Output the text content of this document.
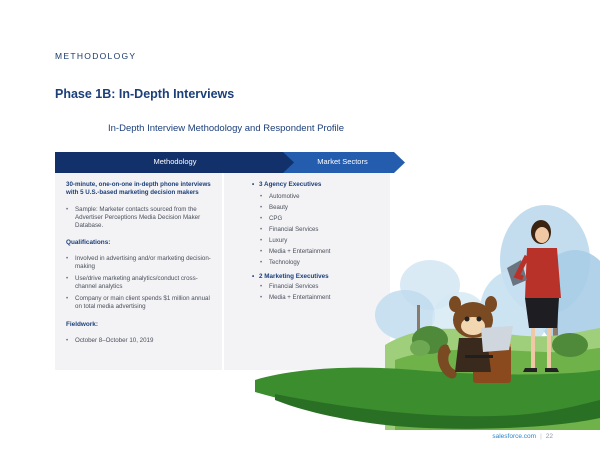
METHODOLOGY
Phase 1B: In-Depth Interviews
In-Depth Interview Methodology and Respondent Profile
Methodology	Market Sectors
30-minute, one-on-one in-depth phone interviews with 5 U.S.-based marketing decision makers
• Sample: Marketer contacts sourced from the Advertiser Perceptions Media Decision Maker Database.
Qualifications:
• Involved in advertising and/or marketing decision-making
• Use/drive marketing analytics/conduct cross-channel analytics
• Company or main client spends $1 million annual on total media advertising
Fieldwork:
• October 8–October 10, 2019
• 3 Agency Executives
• Automotive
• Beauty
• CPG
• Financial Services
• Luxury
• Media + Entertainment
• Technology
• 2 Marketing Executives
• Financial Services
• Media + Entertainment
salesforce.com | 22
